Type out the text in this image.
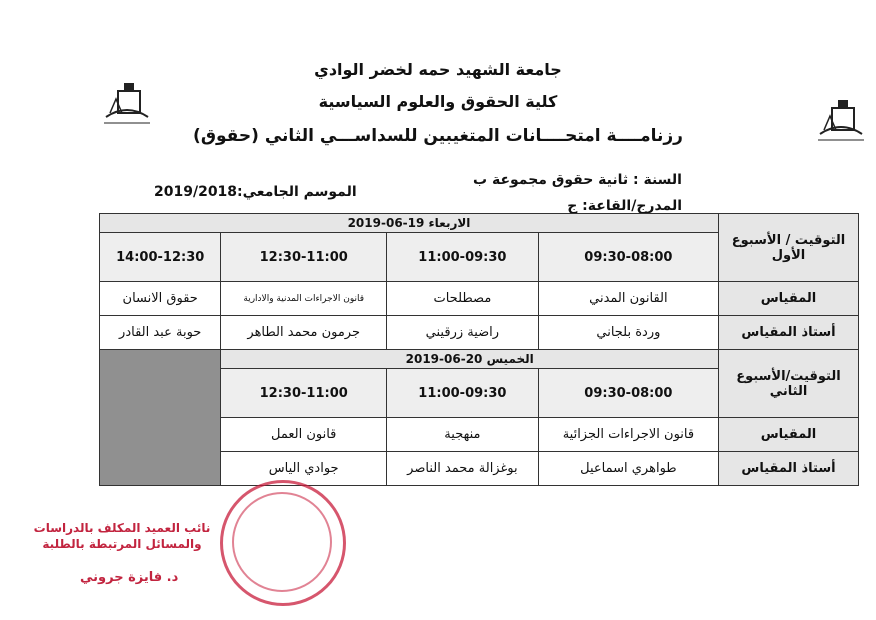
جامعة الشهيد حمه لخضر الوادي
كلية الحقوق والعلوم السياسية
رزنامــــة امتحــــانات المتغيبين للسداســـي الثاني (حقوق)
السنة : ثانية حقوق مجموعة ب
الموسم الجامعي:2019/2018
المدرج/القاعة: ج
التوقيت / الأسبوع الأول	الاربعاء 19-06-2019			
	09:30-08:00	11:00-09:30	12:30-11:00	14:00-12:30
المقياس	القانون المدني	مصطلحات	قانون الاجراءات المدنية والادارية	حقوق الانسان
أستاذ المقياس	وردة بلجاني	راضية زرقيني	جرمون محمد الطاهر	حوبة عبد القادر
التوقيت/الأسبوع الثاني	الخميس 20-06-2019			
	09:30-08:00	11:00-09:30	12:30-11:00	
المقياس	قانون الاجراءات الجزائية	منهجية	قانون العمل	
أستاذ المقياس	طواهري اسماعيل	بوغزالة محمد الناصر	جوادي الياس	
نائب العميد المكلف بالدراسات
والمسائل المرتبطة بالطلبة
د. فايزة جروني
